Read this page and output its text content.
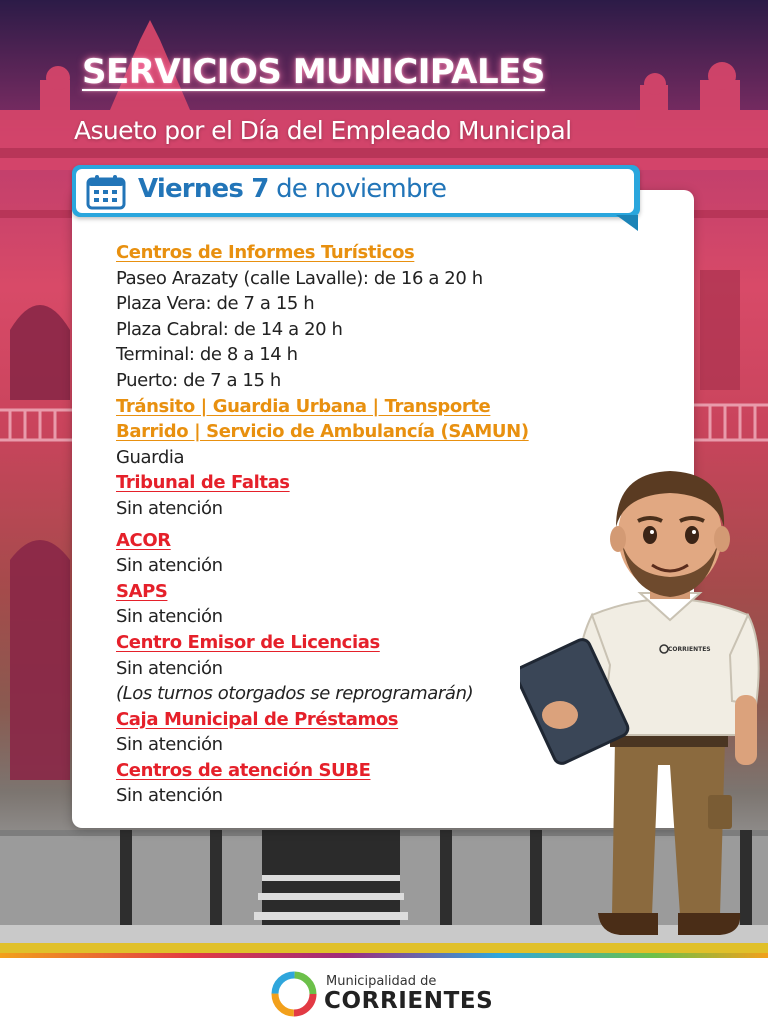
SERVICIOS MUNICIPALES
Asueto por el Día del Empleado Municipal
Viernes 7 de noviembre
Centros de Informes Turísticos
Paseo Arazaty (calle Lavalle): de 16 a 20 h
Plaza Vera: de 7 a 15 h
Plaza Cabral: de 14 a 20 h
Terminal: de 8 a 14 h
Puerto: de 7 a 15 h
Tránsito | Guardia Urbana | Transporte
Barrido | Servicio de Ambulancía (SAMUN)
Guardia
Tribunal de Faltas
Sin atención
ACOR
Sin atención
SAPS
Sin atención
Centro Emisor de Licencias
Sin atención
(Los turnos otorgados se reprogramarán)
Caja Municipal de Préstamos
Sin atención
Centros de atención SUBE
Sin atención
CORRIENTES
Municipalidad de
CORRIENTES
